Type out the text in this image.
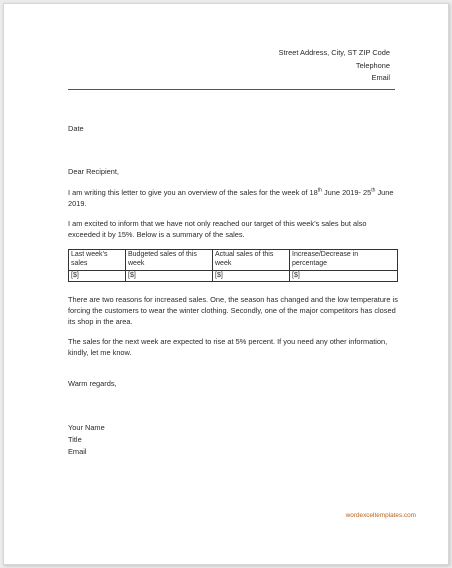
Street Address, City, ST ZIP Code
Telephone
Email
Date

Dear Recipient,

I am writing this letter to give you an overview of the sales for the week of 18th June 2019- 25th June 2019.

I am excited to inform that we have not only reached our target of this week’s sales but also exceeded it by 15%. Below is a summary of the sales.

Last week’s sales	Budgeted sales of this week	Actual sales of this week	Increase/Decrease in percentage
[$]	[$]	[$]	[$]

There are two reasons for increased sales. One, the season has changed and the low temperature is forcing the customers to wear the winter clothing. Secondly, one of the major competitors has closed its shop in the area.

The sales for the next week are expected to rise at 5% percent. If you need any other information, kindly, let me know.

Warm regards,
Your Name
Title
Email
wordexceltemplates.com
